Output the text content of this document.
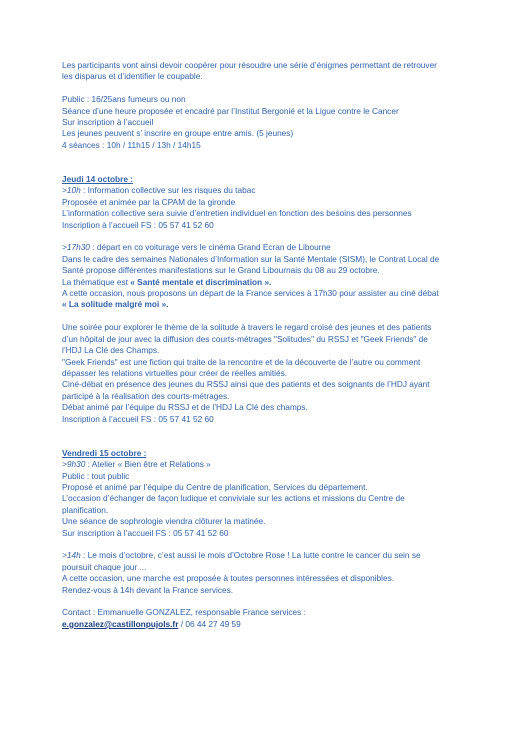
Les participants vont ainsi devoir coopérer pour résoudre une série d’énigmes permettant de retrouver

les disparus et d’identifier le coupable.

Public : 16/25ans fumeurs ou non

Séance d’une heure proposée et encadré par l’Institut Bergonié et la Ligue contre le Cancer

Sur inscription à l’accueil

Les jeunes peuvent s’ inscrire en groupe entre amis. (5 jeunes)

4 séances : 10h / 11h15 / 13h / 14h15

Jeudi 14 octobre :

>10h : Information collective sur les risques du tabac

Proposée et animée par la CPAM de la gironde

L’information collective sera suivie d’entretien individuel en fonction des besoins des personnes

Inscription à l’accueil FS : 05 57 41 52 60

>17h30 : départ en co voiturage vers le cinéma Grand Ecran de Libourne

Dans le cadre des semaines Nationales d’Information sur la Santé Mentale (SISM), le Contrat Local de

Santé propose différentes manifestations sur le Grand Libournais du 08 au 29 octobre.

La thématique est « Santé mentale et discrimination ».

A cette occasion, nous proposons un départ de la France services à 17h30 pour assister au ciné débat

« La solitude malgré moi ».

Une soirée pour explorer le thème de la solitude à travers le regard croisé des jeunes et des patients

d’un hôpital de jour avec la diffusion des courts-métrages "Solitudes" du RSSJ et "Geek Friends" de

l’HDJ La Clé des Champs.

"Geek Friends" est une fiction qui traite de la rencontre et de la découverte de l’autre ou comment

dépasser les relations virtuelles pour créer de réelles amitiés.

Ciné-débat en présence des jeunes du RSSJ ainsi que des patients et des soignants de l’HDJ ayant

participé à la réalisation des courts-métrages.

Débat animé par l’équipe du RSSJ et de l’HDJ La Clé des champs.

Inscription à l’accueil FS : 05 57 41 52 60

Vendredi 15 octobre :

>9h30 : Atelier « Bien être et Relations »

Public : tout public

Proposé et animé par l’équipe du Centre de planification, Services du département.

L’occasion d’échanger de façon ludique et conviviale sur les actions et missions du Centre de

planification.

Une séance de sophrologie viendra clôturer la matinée.

Sur inscription à l’accueil FS : 05 57 41 52 60

>14h : Le mois d’octobre, c’est aussi le mois d’Octobre Rose ! La lutte contre le cancer du sein se

poursuit chaque jour ...

A cette occasion, une marche est proposée à toutes personnes intéressées et disponibles.

Rendez-vous à 14h devant la France services.

Contact : Emmanuelle GONZALEZ, responsable France services :

e.gonzalez@castillonpujols.fr / 06 44 27 49 59
